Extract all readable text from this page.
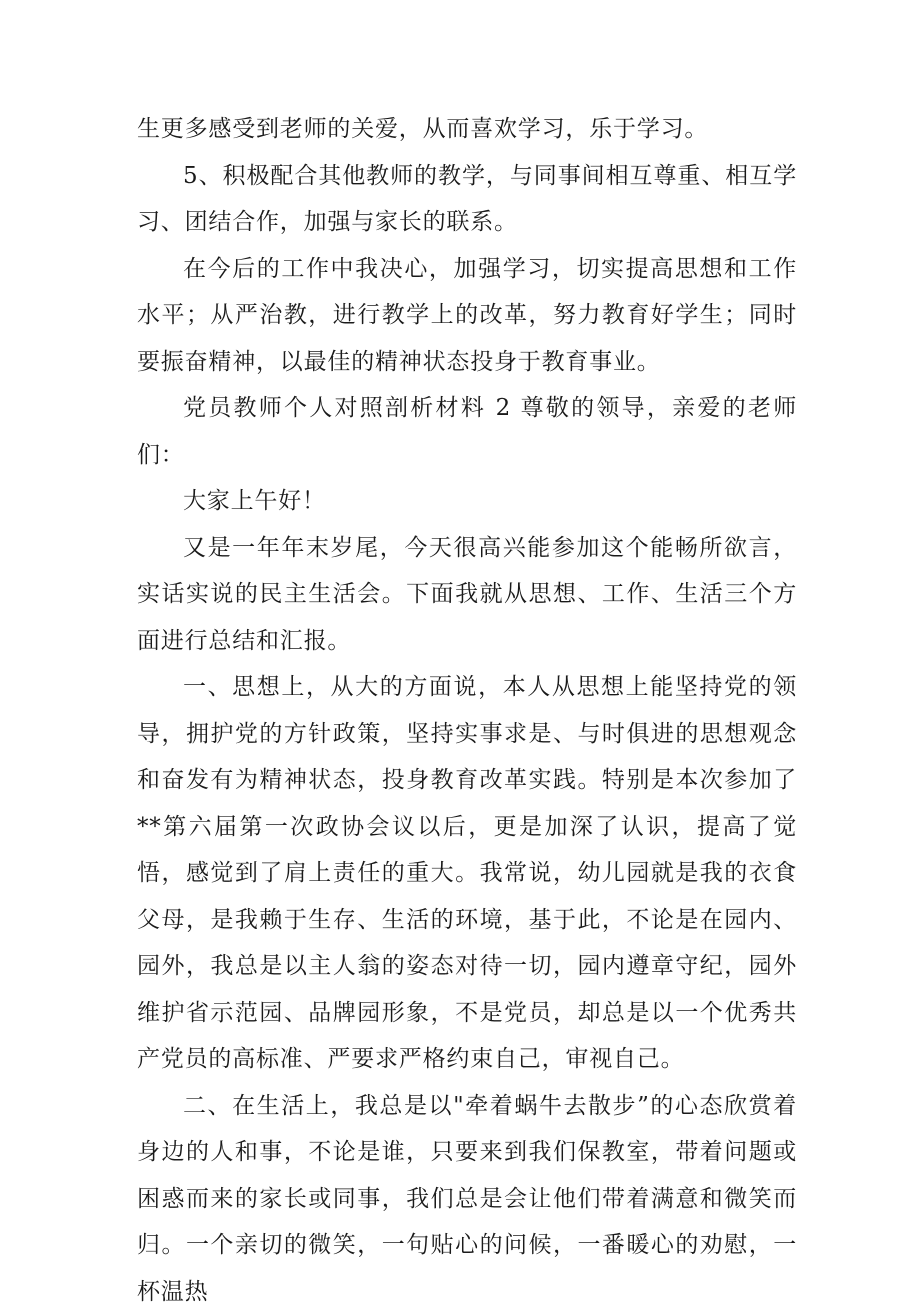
生更多感受到老师的关爱，从而喜欢学习，乐于学习。

5、积极配合其他教师的教学，与同事间相互尊重、相互学习、团结合作，加强与家长的联系。

在今后的工作中我决心，加强学习，切实提高思想和工作水平；从严治教，进行教学上的改革，努力教育好学生；同时要振奋精神，以最佳的精神状态投身于教育事业。

党员教师个人对照剖析材料 2 尊敬的领导，亲爱的老师们：

大家上午好！

又是一年年末岁尾，今天很高兴能参加这个能畅所欲言，实话实说的民主生活会。下面我就从思想、工作、生活三个方面进行总结和汇报。

一、思想上，从大的方面说，本人从思想上能坚持党的领导，拥护党的方针政策，坚持实事求是、与时俱进的思想观念和奋发有为精神状态，投身教育改革实践。特别是本次参加了**第六届第一次政协会议以后，更是加深了认识，提高了觉悟，感觉到了肩上责任的重大。我常说，幼儿园就是我的衣食父母，是我赖于生存、生活的环境，基于此，不论是在园内、园外，我总是以主人翁的姿态对待一切，园内遵章守纪，园外维护省示范园、品牌园形象，不是党员，却总是以一个优秀共产党员的高标准、严要求严格约束自己，审视自己。

二、在生活上，我总是以"牵着蜗牛去散步”的心态欣赏着身边的人和事，不论是谁，只要来到我们保教室，带着问题或困惑而来的家长或同事，我们总是会让他们带着满意和微笑而归。一个亲切的微笑，一句贴心的问候，一番暖心的劝慰，一杯温热
